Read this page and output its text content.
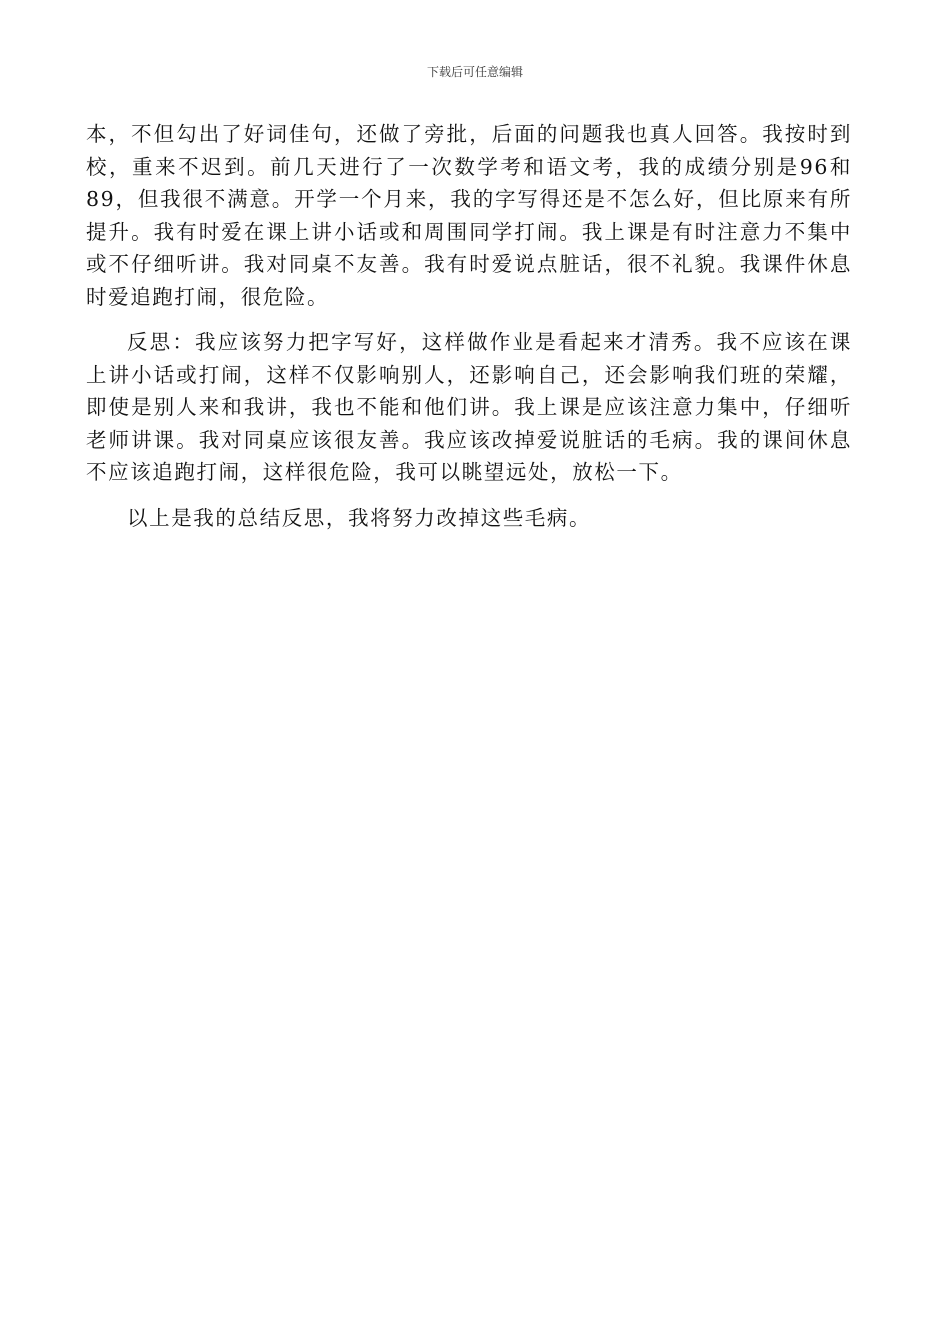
下载后可任意编辑

本，不但勾出了好词佳句，还做了旁批，后面的问题我也真人回答。我按时到校，重来不迟到。前几天进行了一次数学考和语文考，我的成绩分别是96和89，但我很不满意。开学一个月来，我的字写得还是不怎么好，但比原来有所提升。我有时爱在课上讲小话或和周围同学打闹。我上课是有时注意力不集中或不仔细听讲。我对同桌不友善。我有时爱说点脏话，很不礼貌。我课件休息时爱追跑打闹，很危险。

反思：我应该努力把字写好，这样做作业是看起来才清秀。我不应该在课上讲小话或打闹，这样不仅影响别人，还影响自己，还会影响我们班的荣耀，即使是别人来和我讲，我也不能和他们讲。我上课是应该注意力集中，仔细听老师讲课。我对同桌应该很友善。我应该改掉爱说脏话的毛病。我的课间休息不应该追跑打闹，这样很危险，我可以眺望远处，放松一下。

以上是我的总结反思，我将努力改掉这些毛病。
